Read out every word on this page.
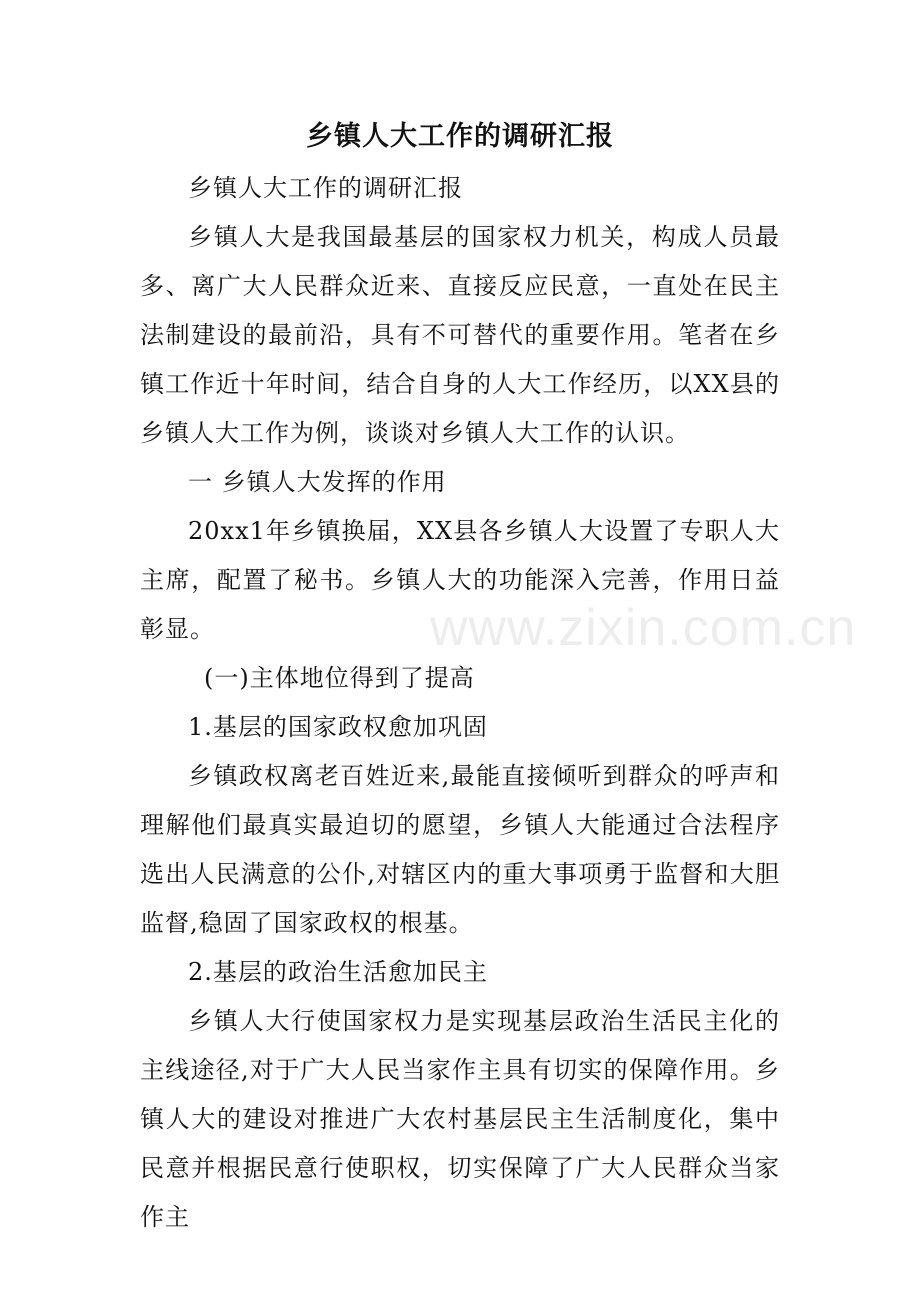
乡镇人大工作的调研汇报

乡镇人大工作的调研汇报

乡镇人大是我国最基层的国家权力机关，构成人员最多、离广大人民群众近来、直接反应民意，一直处在民主法制建设的最前沿，具有不可替代的重要作用。笔者在乡镇工作近十年时间，结合自身的人大工作经历，以XX县的乡镇人大工作为例，谈谈对乡镇人大工作的认识。

一 乡镇人大发挥的作用

20xx1年乡镇换届，XX县各乡镇人大设置了专职人大主席，配置了秘书。乡镇人大的功能深入完善，作用日益彰显。

(一)主体地位得到了提高

1.基层的国家政权愈加巩固

乡镇政权离老百姓近来,最能直接倾听到群众的呼声和理解他们最真实最迫切的愿望，乡镇人大能通过合法程序选出人民满意的公仆,对辖区内的重大事项勇于监督和大胆监督,稳固了国家政权的根基。

2.基层的政治生活愈加民主

乡镇人大行使国家权力是实现基层政治生活民主化的主线途径,对于广大人民当家作主具有切实的保障作用。乡镇人大的建设对推进广大农村基层民主生活制度化，集中民意并根据民意行使职权，切实保障了广大人民群众当家作主

www.zixin.com.cn
